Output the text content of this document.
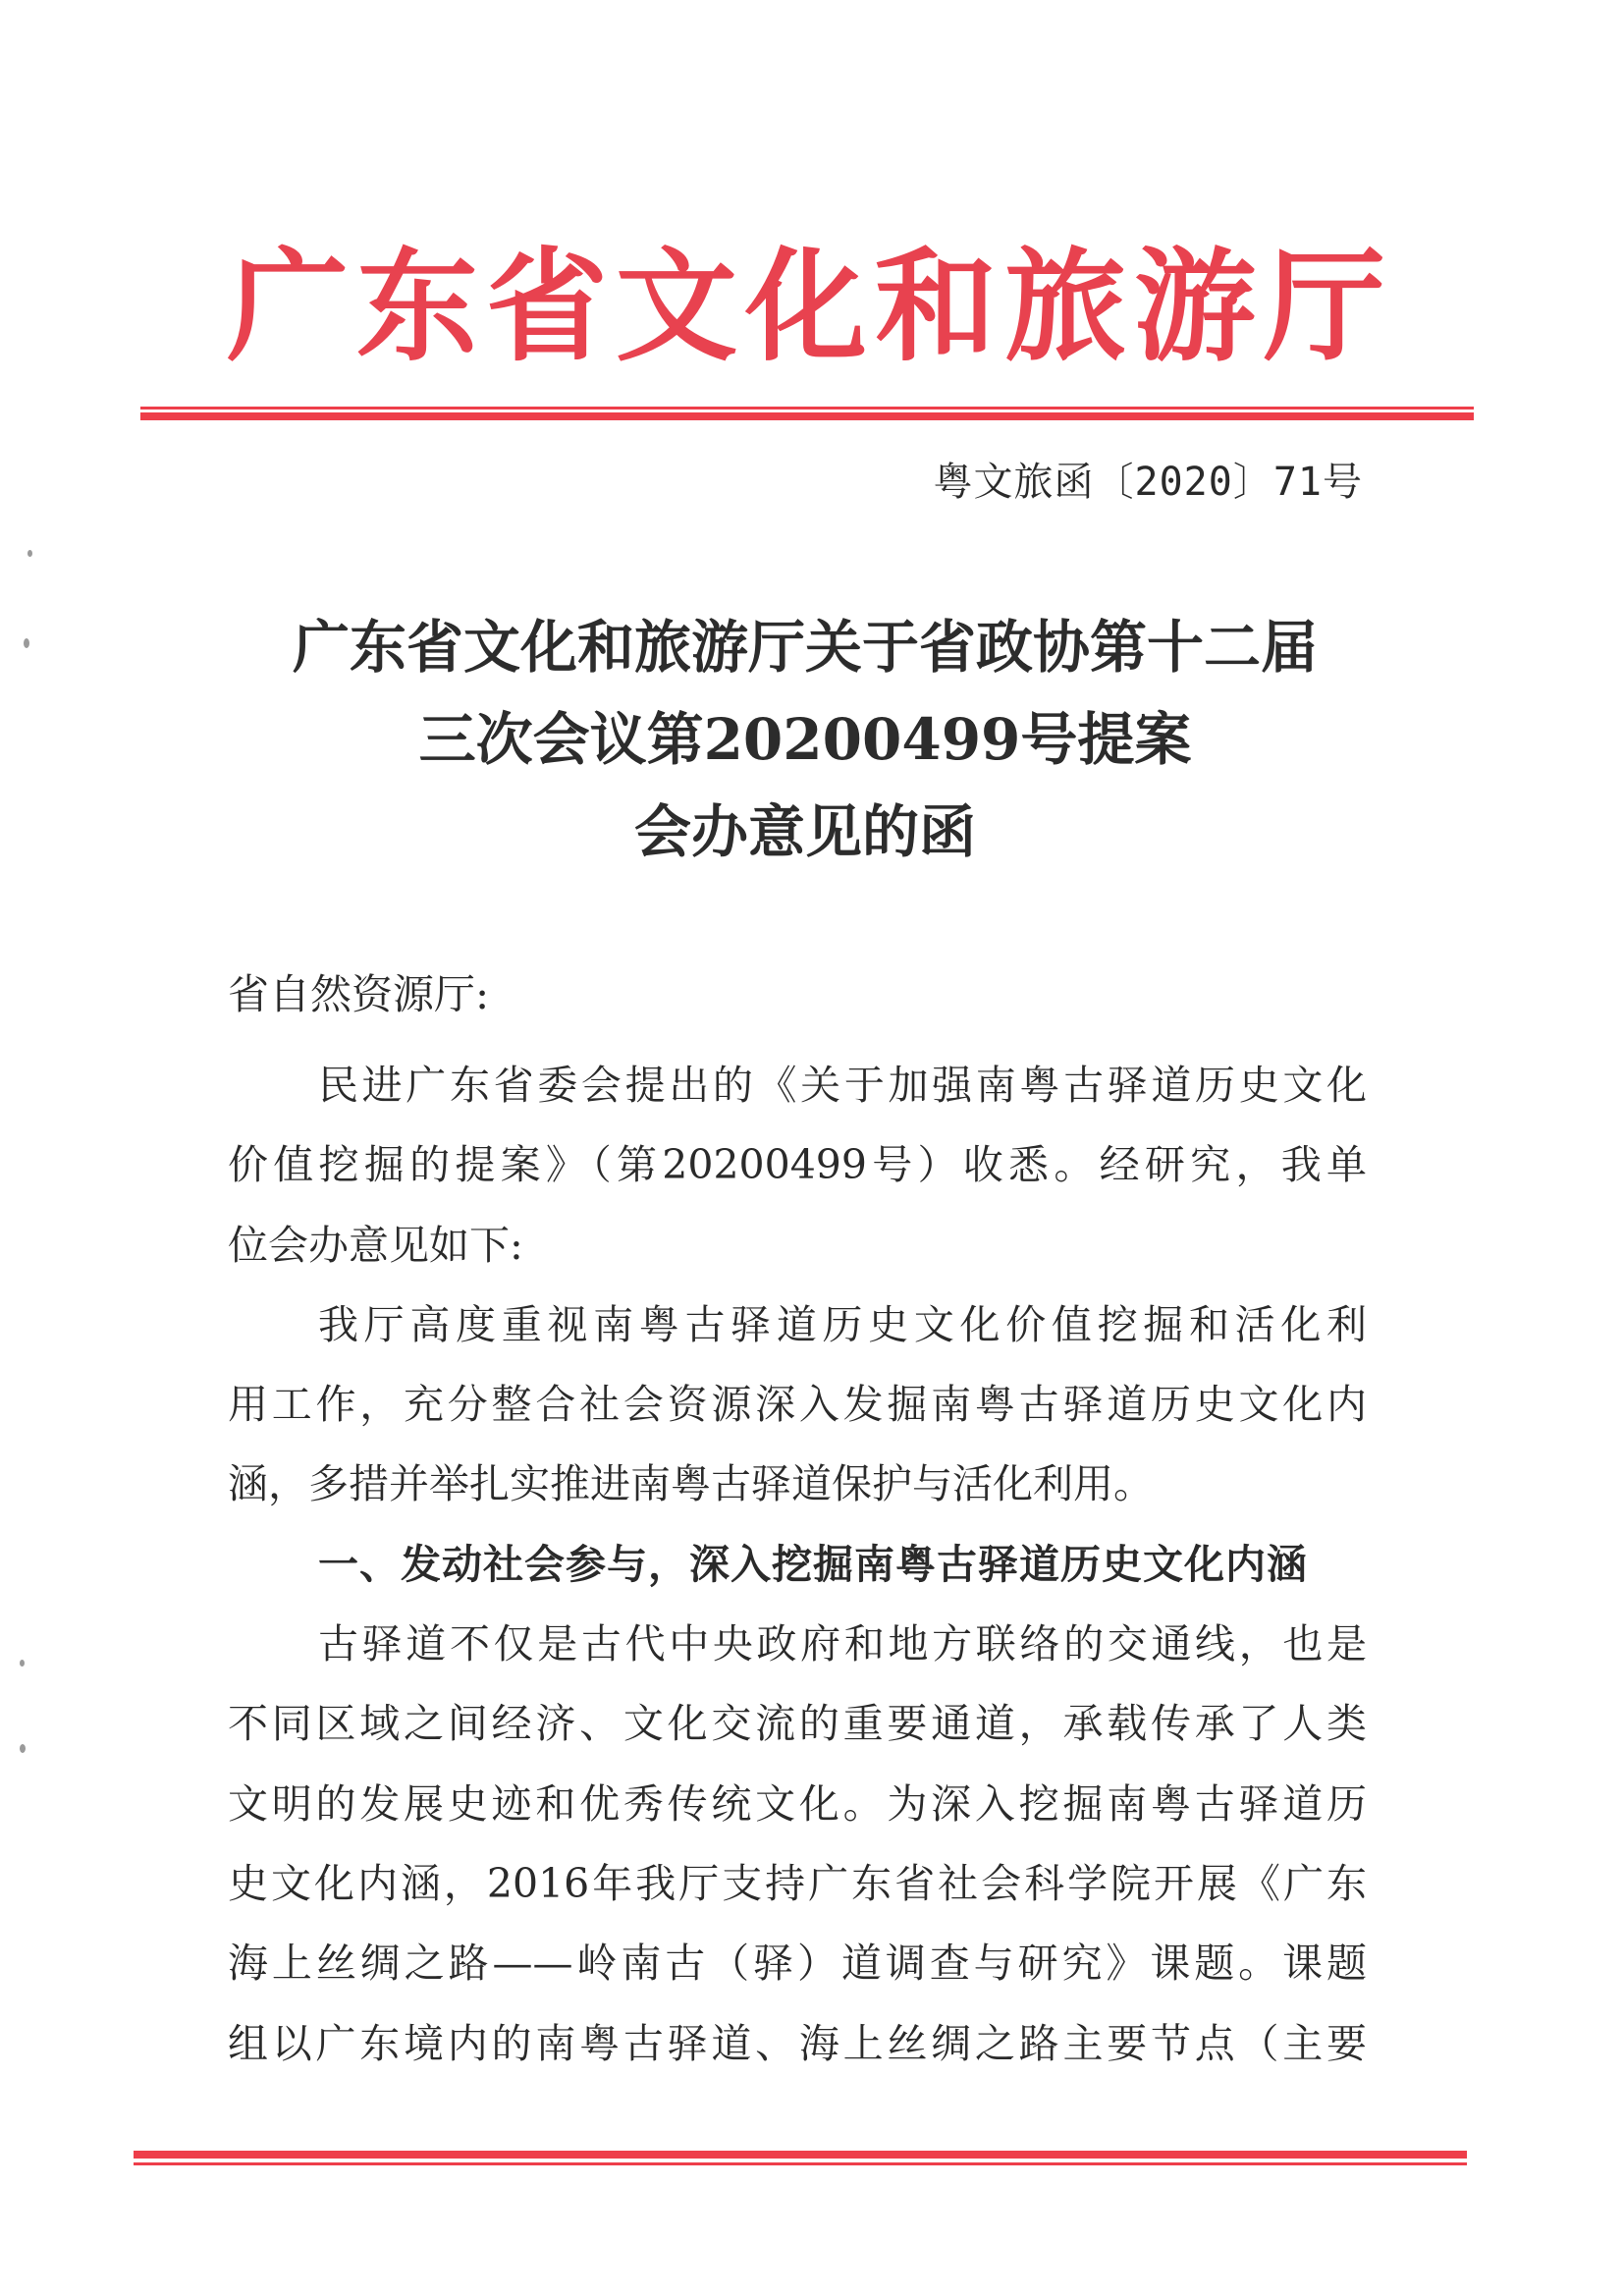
广东省文化和旅游厅
粤文旅函〔2020〕71号
广东省文化和旅游厅关于省政协第十二届
三次会议第20200499号提案
会办意见的函
省自然资源厅:
民进广东省委会提出的《关于加强南粤古驿道历史文化
价值挖掘的提案》（第20200499号）收悉。经研究，我单
位会办意见如下:
我厅高度重视南粤古驿道历史文化价值挖掘和活化利
用工作，充分整合社会资源深入发掘南粤古驿道历史文化内
涵，多措并举扎实推进南粤古驿道保护与活化利用。
一、发动社会参与，深入挖掘南粤古驿道历史文化内涵
古驿道不仅是古代中央政府和地方联络的交通线，也是
不同区域之间经济、文化交流的重要通道，承载传承了人类
文明的发展史迹和优秀传统文化。为深入挖掘南粤古驿道历
史文化内涵，2016年我厅支持广东省社会科学院开展《广东
海上丝绸之路——岭南古（驿）道调查与研究》课题。课题
组以广东境内的南粤古驿道、海上丝绸之路主要节点（主要
